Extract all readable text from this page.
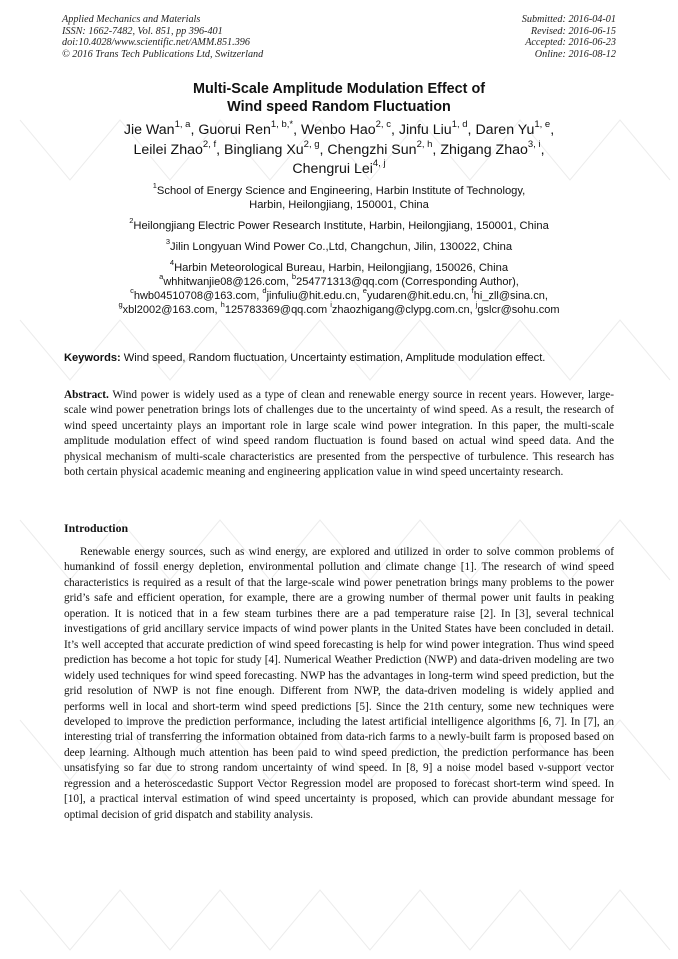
Applied Mechanics and Materials
ISSN: 1662-7482, Vol. 851, pp 396-401
doi:10.4028/www.scientific.net/AMM.851.396
© 2016 Trans Tech Publications Ltd, Switzerland
Submitted: 2016-04-01
Revised: 2016-06-15
Accepted: 2016-06-23
Online: 2016-08-12
Multi-Scale Amplitude Modulation Effect of
Wind speed Random Fluctuation
Jie Wan$^{1, a}$, Guorui Ren$^{1, b,*}$, Wenbo Hao$^{2, c}$, Jinfu Liu$^{1, d}$, Daren Yu$^{1, e}$,
Leilei Zhao$^{2, f}$, Bingliang Xu$^{2, g}$, Chengzhi Sun$^{2, h}$, Zhigang Zhao$^{3, i}$,
Chengrui Lei$^{4, j}$
$^1$School of Energy Science and Engineering, Harbin Institute of Technology,
Harbin, Heilongjiang, 150001, China
$^2$Heilongjiang Electric Power Research Institute, Harbin, Heilongjiang, 150001, China
$^3$Jilin Longyuan Wind Power Co.,Ltd, Changchun, Jilin, 130022, China
$^4$Harbin Meteorological Bureau, Harbin, Heilongjiang, 150026, China
$^a$whhitwanjie08@126.com, $^b$254771313@qq.com (Corresponding Author),
$^c$hwb04510708@163.com, $^d$jinfuliu@hit.edu.cn, $^e$yudaren@hit.edu.cn, $^f$hi_zll@sina.cn,
$^g$xbl2002@163.com, $^h$125783369@qq.com $^i$zhaozhigang@clypg.com.cn, $^j$gslcr@sohu.com
Keywords: Wind speed, Random fluctuation, Uncertainty estimation, Amplitude modulation effect.
Abstract. Wind power is widely used as a type of clean and renewable energy source in recent years. However, large-scale wind power penetration brings lots of challenges due to the uncertainty of wind speed. As a result, the research of wind speed uncertainty plays an important role in large scale wind power integration. In this paper, the multi-scale amplitude modulation effect of wind speed random fluctuation is found based on actual wind speed data. And the physical mechanism of multi-scale characteristics are presented from the perspective of turbulence. This research has both certain physical academic meaning and engineering application value in wind speed uncertainty research.
Introduction
Renewable energy sources, such as wind energy, are explored and utilized in order to solve common problems of humankind of fossil energy depletion, environmental pollution and climate change [1]. The research of wind speed characteristics is required as a result of that the large-scale wind power penetration brings many problems to the power grid’s safe and efficient operation, for example, there are a growing number of thermal power unit faults in peaking operation. It is noticed that in a few steam turbines there are a pad temperature raise [2]. In [3], several technical investigations of grid ancillary service impacts of wind power plants in the United States have been concluded in detail. It’s well accepted that accurate prediction of wind speed forecasting is help for wind power integration. Thus wind speed prediction has become a hot topic for study [4]. Numerical Weather Prediction (NWP) and data-driven modeling are two widely used techniques for wind speed forecasting. NWP has the advantages in long-term wind speed prediction, but the grid resolution of NWP is not fine enough. Different from NWP, the data-driven modeling is widely applied and performs well in local and short-term wind speed predictions [5]. Since the 21th century, some new techniques were developed to improve the prediction performance, including the latest artificial intelligence algorithms [6, 7]. In [7], an interesting trial of transferring the information obtained from data-rich farms to a newly-built farm is proposed based on deep learning. Although much attention has been paid to wind speed prediction, the prediction performance has been unsatisfying so far due to strong random uncertainty of wind speed. In [8, 9] a noise model based ν-support vector regression and a heteroscedastic Support Vector Regression model are proposed to forecast short-term wind speed. In [10], a practical interval estimation of wind speed uncertainty is proposed, which can provide abundant message for optimal decision of grid dispatch and stability analysis.
